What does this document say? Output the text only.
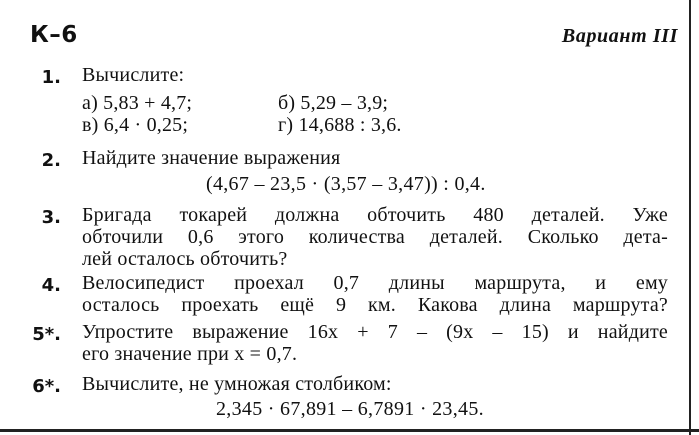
К–6	Вариант III
1. Вычислите:
а) 5,83 + 4,7;	б) 5,29 – 3,9;
в) 6,4 · 0,25;	г) 14,688 : 3,6.
2. Найдите значение выражения
(4,67 – 23,5 · (3,57 – 3,47)) : 0,4.
3. Бригада токарей должна обточить 480 деталей. Уже
обточили 0,6 этого количества деталей. Сколько дета-
лей осталось обточить?
4. Велосипедист проехал 0,7 длины маршрута, и ему
осталось проехать ещё 9 км. Какова длина маршрута?
5*. Упростите выражение 16x + 7 – (9x – 15) и найдите
его значение при x = 0,7.
6*. Вычислите, не умножая столбиком:
2,345 · 67,891 – 6,7891 · 23,45.
